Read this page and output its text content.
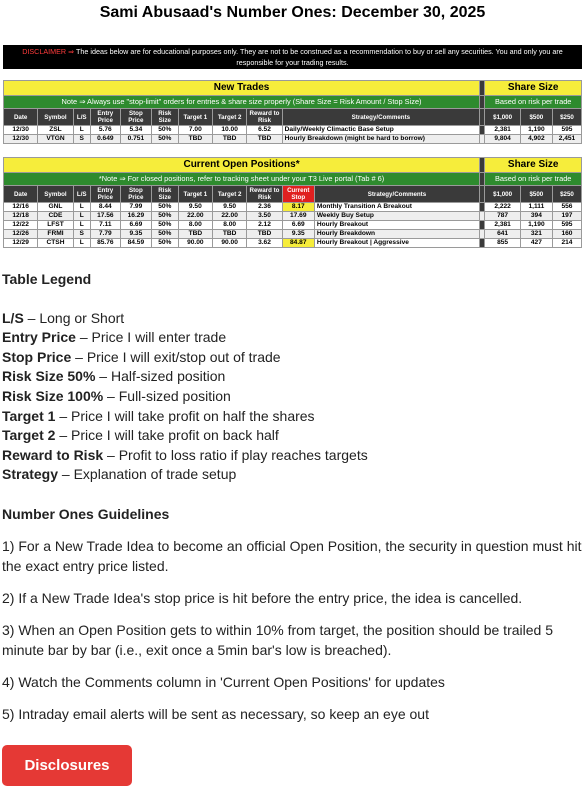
Sami Abusaad's Number Ones: December 30, 2025
DISCLAIMER ⇒ The ideas below are for educational purposes only. They are not to be construed as a recommendation to buy or sell any securities. You and only you are responsible for your trading results.
New Trades											Share Size		
Note ⇒ Always use "stop-limit" orders for entries & share size properly (Share Size = Risk Amount / Stop Size)											Based on risk per trade		
Date	Symbol	L/S	Entry Price	Stop Price	Risk Size	Target 1	Target 2	Reward to Risk	Strategy/Comments		$1,000	$500	$250
12/30	ZSL	L	5.76	5.34	50%	7.00	10.00	6.52	Daily/Weekly Climactic Base Setup		2,381	1,190	595
12/30	VTGN	S	0.649	0.751	50%	TBD	TBD	TBD	Hourly Breakdown (might be hard to borrow)		9,804	4,902	2,451
Current Open Positions*												Share Size		
*Note ⇒ For closed positions, refer to tracking sheet under your T3 Live portal (Tab # 6)												Based on risk per trade		
Date	Symbol	L/S	Entry Price	Stop Price	Risk Size	Target 1	Target 2	Reward to Risk	Current Stop	Strategy/Comments		$1,000	$500	$250
12/16	GNL	L	8.44	7.99	50%	9.50	9.50	2.36	8.17	Monthly Transition A Breakout		2,222	1,111	556
12/18	CDE	L	17.56	16.29	50%	22.00	22.00	3.50	17.69	Weekly Buy Setup		787	394	197
12/22	LFST	L	7.11	6.69	50%	8.00	8.00	2.12	6.69	Hourly Breakout		2,381	1,190	595
12/26	FRMI	S	7.79	9.35	50%	TBD	TBD	TBD	9.35	Hourly Breakdown		641	321	160
12/29	CTSH	L	85.76	84.59	50%	90.00	90.00	3.62	84.87	Hourly Breakout | Aggressive		855	427	214
Table Legend
L/S – Long or Short
Entry Price – Price I will enter trade
Stop Price – Price I will exit/stop out of trade
Risk Size 50% – Half-sized position
Risk Size 100% – Full-sized position
Target 1 – Price I will take profit on half the shares
Target 2 – Price I will take profit on back half
Reward to Risk – Profit to loss ratio if play reaches targets
Strategy – Explanation of trade setup
Number Ones Guidelines

1) For a New Trade Idea to become an official Open Position, the security in question must hit the exact entry price listed.

2) If a New Trade Idea's stop price is hit before the entry price, the idea is cancelled.

3) When an Open Position gets to within 10% from target, the position should be trailed 5 minute bar by bar (i.e., exit once a 5min bar's low is breached).

4) Watch the Comments column in 'Current Open Positions' for updates

5) Intraday email alerts will be sent as necessary, so keep an eye out

Disclosures
